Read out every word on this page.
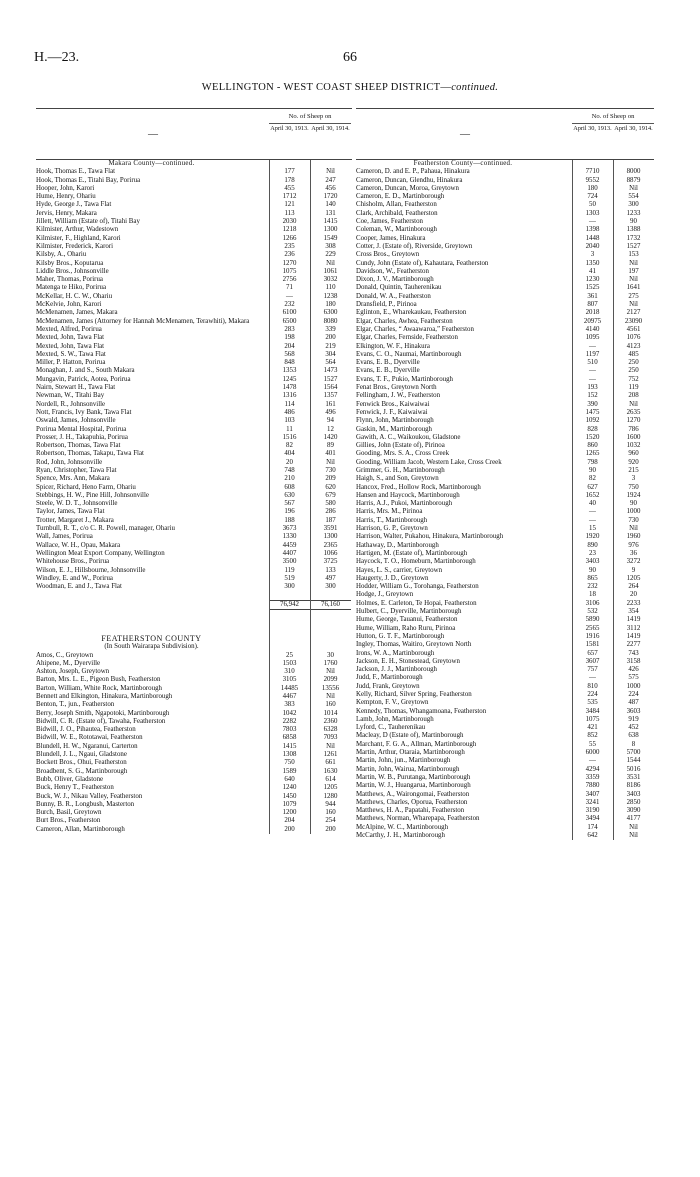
H.—23.	66
WELLINGTON - WEST COAST SHEEP DISTRICT—continued.
—
No. of Sheep on
April 30, 1913. April 30, 1914.
Makara County—continued.
Hook, Thomas E., Tawa Flat	177	Nil
Hook, Thomas E., Titahi Bay, Porirua	178	247
Hooper, John, Karori	455	456
Hume, Henry, Ohariu	1712	1720
Hyde, George J., Tawa Flat	121	140
Jervis, Henry, Makara	113	131
Jillett, William (Estate of), Titahi Bay	2030	1415
Kilmister, Arthur, Wadestown	1218	1300
Kilmister, F., Highland, Karori	1266	1549
Kilmister, Frederick, Karori	235	308
Kilsby, A., Ohariu	236	229
Kilsby Bros., Koputarua	1270	Nil
Liddle Bros., Johnsonville	1075	1061
Maher, Thomas, Porirua	2756	3032
Matenga te Hiko, Porirua	71	110
McKellar, H. C. W., Ohariu	—	1238
McKelvie, John, Karori	232	180
McMenamen, James, Makara	6100	6300
McMenamen, James (Attorney for Hannah McMenamen, Terawhiti), Makara	6500	8080
Mexted, Alfred, Porirua	283	339
Mexted, John, Tawa Flat	198	200
Mexted, John, Tawa Flat	204	219
Mexted, S. W., Tawa Flat	568	304
Miller, P. Hatton, Porirua	848	564
Monaghan, J. and S., South Makara	1353	1473
Mungavin, Patrick, Aotea, Porirua	1245	1527
Nairn, Stewart H., Tawa Flat	1478	1564
Newman, W., Titahi Bay	1316	1357
Nordell, R., Johnsonville	114	161
Nott, Francis, Ivy Bank, Tawa Flat	486	496
Oswald, James, Johnsonville	103	94
Porirua Mental Hospital, Porirua	11	12
Prosser, J. H., Takapuhia, Porirua	1516	1420
Robertson, Thomas, Tawa Flat	82	89
Robertson, Thomas, Takapu, Tawa Flat	404	401
Rod, John, Johnsonville	20	Nil
Ryan, Christopher, Tawa Flat	748	730
Spence, Mrs. Ann, Makara	210	209
Spicer, Richard, Heno Farm, Ohariu	608	620
Stebbings, H. W., Pine Hill, Johnsonville	630	679
Steele, W. D. T., Johnsonville	567	580
Taylor, James, Tawa Flat	196	286
Trotter, Margaret J., Makara	188	187
Turnbull, R. T., c/o C. R. Powell, manager, Ohariu	3673	3591
Wall, James, Porirua	1330	1300
Wallace, W. H., Opau, Makara	4459	2365
Wellington Meat Export Company, Wellington	4407	1066
Whitehouse Bros., Porirua	3500	3725
Wilson, E. J., Hillsbourne, Johnsonville	119	133
Windley, E. and W., Porirua	519	497
Woodman, E. and J., Tawa Flat	300	300
76,942	76,160
FEATHERSTON COUNTY
(In South Wairarapa Subdivision).
Amos, C., Greytown	25	30
Ahipene, M., Dyerville	1503	1760
Ashton, Joseph, Greytown	310	Nil
Barton, Mrs. L. E., Pigeon Bush, Featherston	3105	2099
Barton, William, White Rock, Martinborough	14485	13556
Bennett and Elkington, Hinakura, Martinborough	4467	Nil
Benton, T., jun., Featherston	383	160
Berry, Joseph Smith, Ngapotoki, Martinborough	1042	1014
Bidwill, C. R. (Estate of), Tawaha, Featherston	2282	2360
Bidwill, J. O., Pihautea, Featherston	7803	6328
Bidwill, W. E., Rototawai, Featherston	6858	7093
Blundell, H. W., Ngaranui, Carterton	1415	Nil
Blundell, J. L., Ngaui, Gladstone	1308	1261
Bockett Bros., Ohui, Featherston	750	661
Broadbent, S. G., Martinborough	1589	1630
Bubb, Oliver, Gladstone	640	614
Buck, Henry T., Featherston	1240	1205
Buck, W. J., Nikau Valley, Featherston	1450	1280
Bunny, B. R., Longbush, Masterton	1079	944
Burch, Basil, Greytown	1200	160
Burt Bros., Featherston	204	254
Cameron, Allan, Martinborough	200	200
—
No. of Sheep on
April 30, 1913. April 30, 1914.
Featherston County—continued.
Cameron, D. and E. P., Pahaua, Hinakura	7710	8000
Cameron, Duncan, Glendhu, Hinakura	9552	8879
Cameron, Duncan, Moroa, Greytown	180	Nil
Cameron, E. D., Martinborough	724	554
Chisholm, Allan, Featherston	50	300
Clark, Archibald, Featherston	1303	1233
Coe, James, Featherston	—	90
Coleman, W., Martinborough	1398	1388
Cooper, James, Hinakura	1448	1732
Cotter, J. (Estate of), Riverside, Greytown	2040	1527
Cross Bros., Greytown	3	153
Cundy, John (Estate of), Kahautara, Featherston	1350	Nil
Davidson, W., Featherston	41	197
Dixon, J. V., Martinborough	1230	Nil
Donald, Quintin, Tauherenikau	1525	1641
Donald, W. A., Featherston	361	275
Dransfield, P., Pirinoa	807	Nil
Eglinton, E., Wharekaukau, Featherston	2018	2127
Elgar, Charles, Awhea, Featherston	20975	23090
Elgar, Charles, “ Awaawaroa,” Featherston	4140	4561
Elgar, Charles, Fernside, Featherston	1095	1076
Elkington, W. F., Hinakura	—	4123
Evans, C. O., Naumai, Martinborough	1197	485
Evans, E. B., Dyerville	510	250
Evans, E. B., Dyerville	—	250
Evans, T. F., Pukio, Martinborough	—	752
Fenat Bros., Greytown North	193	119
Fellingham, J. W., Featherston	152	208
Fenwick Bros., Kaiwaiwai	390	Nil
Fenwick, J. F., Kaiwaiwai	1475	2635
Flynn, John, Martinborough	1092	1270
Gaskin, M., Martinborough	828	786
Gawith, A. C., Waikoukou, Gladstone	1520	1600
Gillies, John (Estate of), Pirinoa	860	1032
Gooding, Mrs. S. A., Cross Creek	1265	960
Gooding, William Jacob, Western Lake, Cross Creek	798	920
Grimmer, G. H., Martinborough	90	215
Haigh, S., and Son, Greytown	82	3
Hancox, Fred., Hollow Rock, Martinborough	627	750
Hansen and Haycock, Martinborough	1652	1924
Harris, A.J., Pukoi, Martinborough	40	90
Harris, Mrs. M., Pirinoa	—	1000
Harris, T., Martinborough	—	730
Harrison, G. P., Greytown	15	Nil
Harrison, Walter, Pukahou, Hinakura, Martinborough	1920	1960
Hathaway, D., Martinborough	890	976
Hartigen, M. (Estate of), Martinborough	23	36
Haycock, T. O., Homeburn, Martinborough	3403	3272
Hayes, L. S., carrier, Greytown	90	9
Haugerty, J. D., Greytown	865	1205
Hodder, William G., Torohanga, Featherston	232	264
Hodge, J., Greytown	18	20
Holmes, E. Carleton, Te Hopai, Featherston	3106	2233
Hulbert, C., Dyerville, Martinborough	532	354
Hume, George, Tauanui, Featherston	5890	1419
Hume, William, Raho Ruru, Pirinoa	2565	3112
Hutton, G. T. F., Martinborough	1916	1419
Ingley, Thomas, Waitiro, Greytown North	1581	2277
Irons, W. A., Martinborough	657	743
Jackson, E. H., Stonestead, Greytown	3607	3158
Jackson, J. J., Martinborough	757	426
Judd, F., Martinborough	—	575
Judd, Frank, Greytown	810	1000
Kelly, Richard, Silver Spring, Featherston	224	224
Kempton, F. V., Greytown	535	487
Kennedy, Thomas, Whangamoana, Featherston	3484	3603
Lamb, John, Martinborough	1075	919
Lyford, C., Tauherenikau	421	452
Macleay, D (Estate of), Martinborough	852	638
Marchant, F. G. A., Allman, Martinborough	55	8
Martin, Arthur, Otaraia, Martinborough	6000	5700
Martin, John, jun., Martinborough	—	1544
Martin, John, Wairua, Martinborough	4294	5016
Martin, W. B., Purutanga, Martinborough	3359	3531
Martin, W. J., Huangarua, Martinborough	7880	8186
Matthews, A., Wairongomai, Featherston	3407	3403
Matthews, Charles, Oporua, Featherston	3241	2850
Matthews, H. A., Papatahi, Featherston	3190	3090
Matthews, Norman, Wharepapa, Featherston	3494	4177
McAlpine, W. C., Martinborough	174	Nil
McCarthy, J. H., Martinborough	642	Nil
